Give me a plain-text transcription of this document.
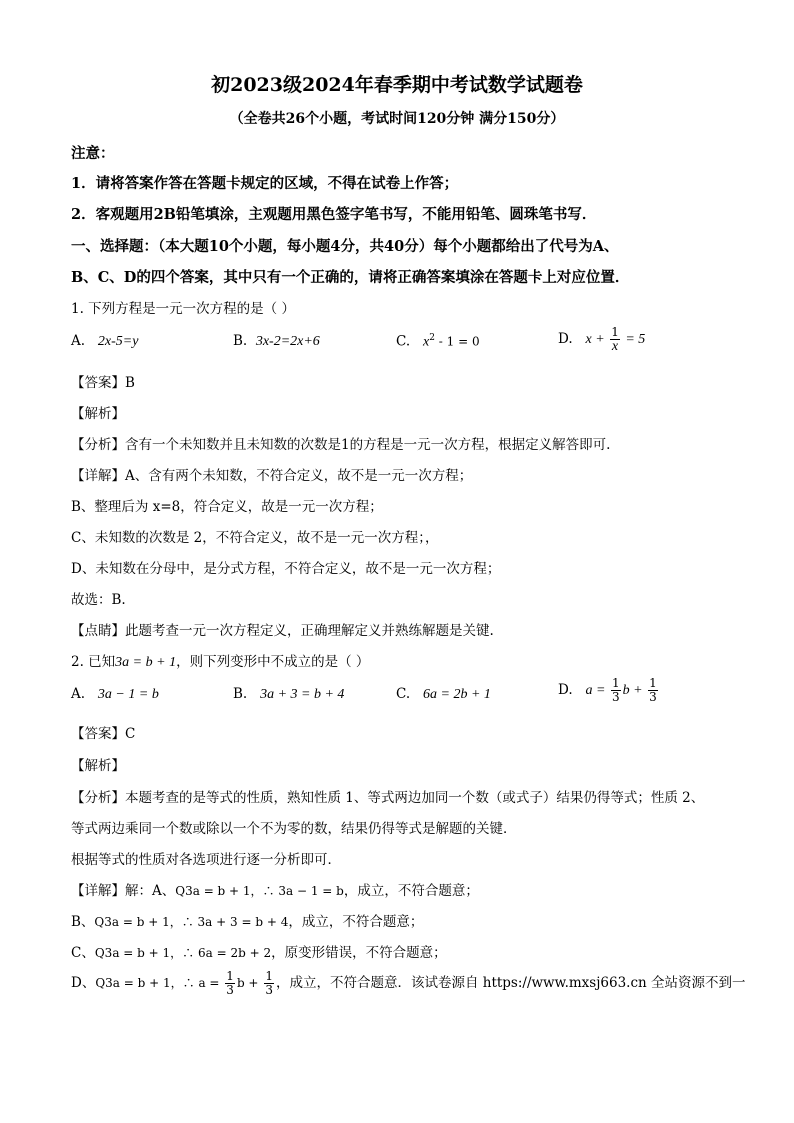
初2023级2024年春季期中考试数学试题卷
（全卷共26个小题，考试时间120分钟 满分150分）
注意：
1．请将答案作答在答题卡规定的区域，不得在试卷上作答；
2．客观题用2B铅笔填涂，主观题用黑色签字笔书写，不能用铅笔、圆珠笔书写．
一、选择题：（本大题10个小题，每小题4分，共40分）每个小题都给出了代号为A、
B、C、D的四个答案，其中只有一个正确的，请将正确答案填涂在答题卡上对应位置．
1. 下列方程是一元一次方程的是（ ）
A. 2x-5=y	B. 3x-2=2x+6	C. $x^2 - 1 = 0$	D. $x + \frac{1}{x} = 5$
【答案】B
【解析】
【分析】含有一个未知数并且未知数的次数是1的方程是一元一次方程，根据定义解答即可.
【详解】A、含有两个未知数，不符合定义，故不是一元一次方程；
B、整理后为 x=8，符合定义，故是一元一次方程；
C、未知数的次数是 2，不符合定义，故不是一元一次方程；，
D、未知数在分母中，是分式方程，不符合定义，故不是一元一次方程；
故选：B.
【点睛】此题考查一元一次方程定义，正确理解定义并熟练解题是关键.
2. 已知3a = b + 1，则下列变形中不成立的是（ ）
A. 3a − 1 = b	B. 3a + 3 = b + 4	C. 6a = 2b + 1	D. $a = \frac{1}{3}$ $b + \frac{1}{3}$
【答案】C
【解析】
【分析】本题考查的是等式的性质，熟知性质 1、等式两边加同一个数（或式子）结果仍得等式；性质 2、
等式两边乘同一个数或除以一个不为零的数，结果仍得等式是解题的关键．
根据等式的性质对各选项进行逐一分析即可．
【详解】解：A、Q3a = b + 1，∴ 3a − 1 = b，成立，不符合题意；
B、Q3a = b + 1，∴ 3a + 3 = b + 4，成立，不符合题意；
C、Q3a = b + 1，∴ 6a = 2b + 2，原变形错误，不符合题意；
D、Q3a = b + 1，∴ $a = \frac{1}{3}$ $b + \frac{1}{3}$ ，成立，不符合题意．该试卷源自 https://www.mxsj663.cn 全站资源不到一
